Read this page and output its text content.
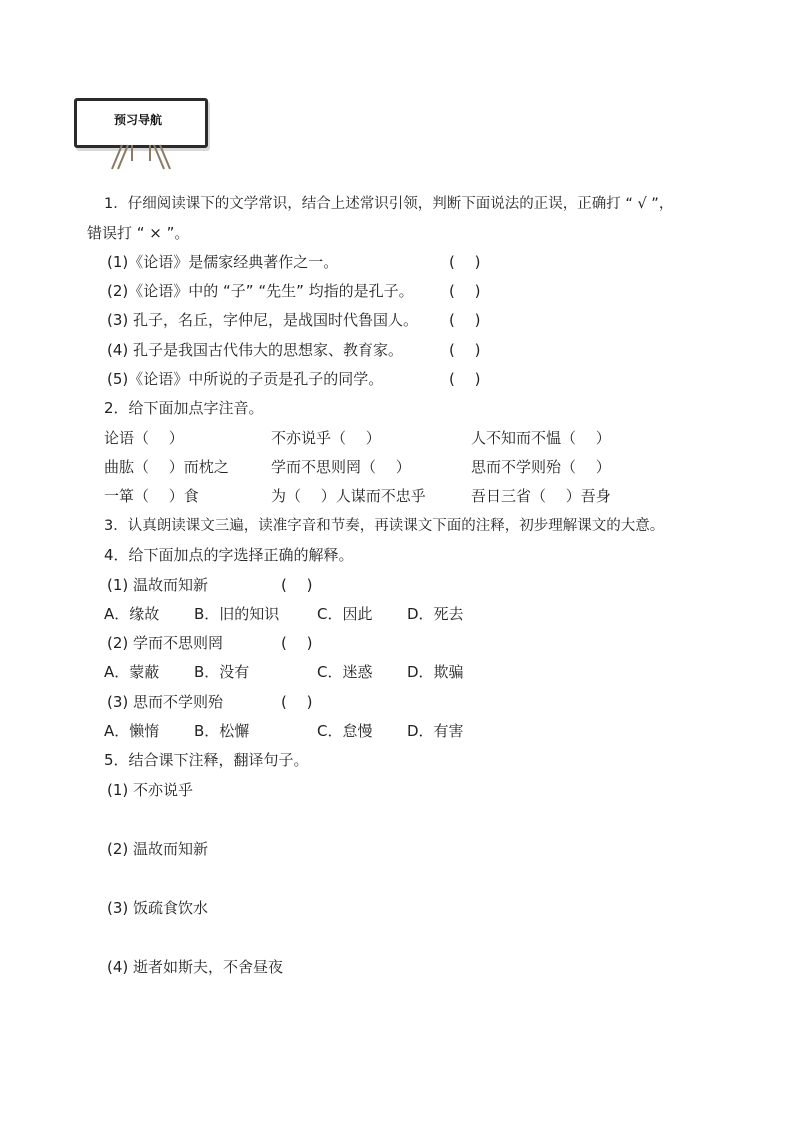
预习导航
1．仔细阅读课下的文学常识，结合上述常识引领，判断下面说法的正误，正确打 “ √ ”，
错误打 “ × ”。
(1)《论语》是儒家经典著作之一。	(　 )
(2)《论语》中的 “子” “先生” 均指的是孔子。 (　 )
(3) 孔子，名丘，字仲尼，是战国时代鲁国人。 (　 )
(4) 孔子是我国古代伟大的思想家、教育家。	(　 )
(5)《论语》中所说的子贡是孔子的同学。	(　 )
2．给下面加点字注音。
论语（　 ）	不亦说乎（　 ）	人不知而不愠（　 ）
曲肱（　 ）而枕之	学而不思则罔（　 ）	思而不学则殆（　 ）
一箪（　 ）食	为（　 ）人谋而不忠乎	吾日三省（　 ）吾身
3．认真朗读课文三遍，读准字音和节奏，再读课文下面的注释，初步理解课文的大意。
4．给下面加点的字选择正确的解释。
(1) 温故而知新	(　 )
A．缘故 B．旧的知识	C．因此 D．死去
(2) 学而不思则罔	(　 )
A．蒙蔽 B．没有	C．迷惑 D．欺骗
(3) 思而不学则殆	(　 )
A．懒惰 B．松懈	C．怠慢 D．有害
5．结合课下注释，翻译句子。
(1) 不亦说乎
(2) 温故而知新
(3) 饭疏食饮水
(4) 逝者如斯夫，不舍昼夜
